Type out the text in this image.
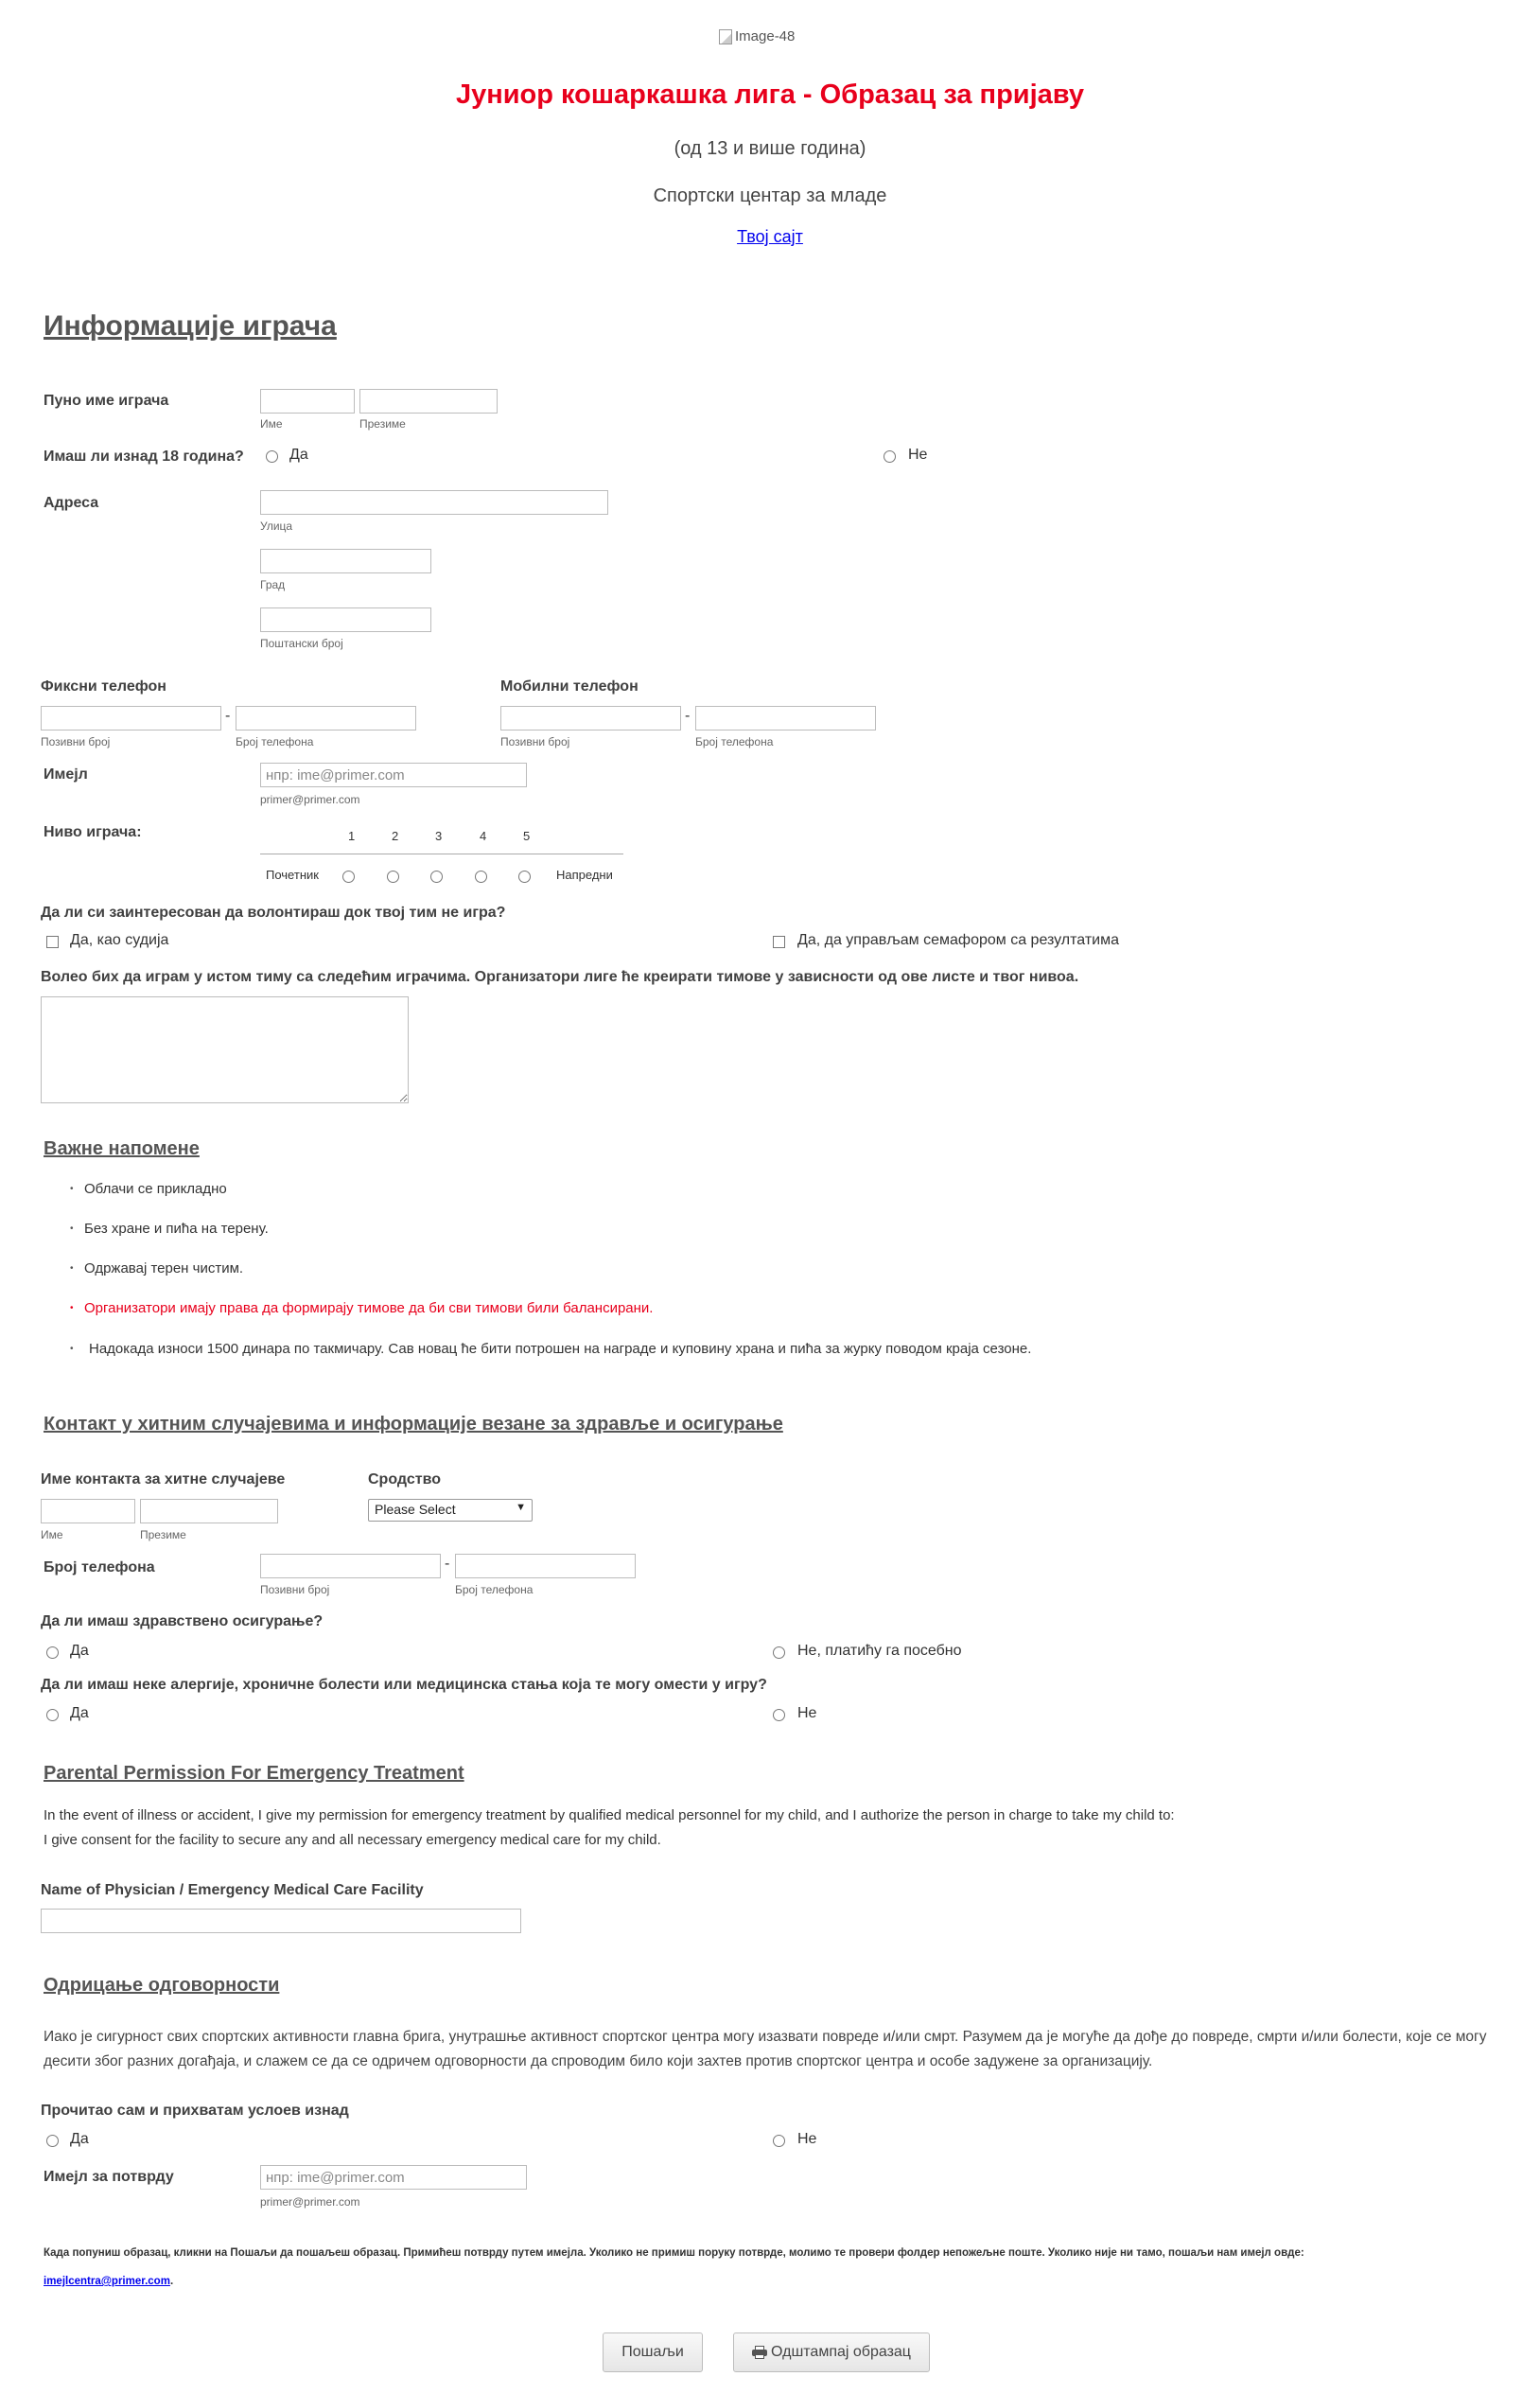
Image-48
Јуниор кошаркашка лига - Образац за пријаву
(од 13 и више година)
Спортски центар за младе
Твој сајт
Информације играча
Пуно име играча
Име	Презиме
Имаш ли изнад 18 година?	Да	Не
Адреса
Улица
Град
Поштански број
Фиксни телефон	Мобилни телефон
-
Позивни број	Број телефона
-
Позивни број	Број телефона
Имејл
нпр: ime@primer.com
primer@primer.com
Ниво играча:	1	2	3	4	5
Почетник	Напредни
Да ли си заинтересован да волонтираш док твој тим не игра?
Да, као судија	Да, да управљам семафором са резултатима
Волео бих да играм у истом тиму са следећим играчима. Организатори лиге ће креирати тимове у зависности од ове листе и твог нивоа.
Важне напомене
• Облачи се прикладно
• Без хране и пића на терену.
• Одржавај терен чистим.
• Организатори имају права да формирају тимове да би сви тимови били балансирани.
• Надокада износи 1500 динара по такмичару. Сав новац ће бити потрошен на награде и куповину храна и пића за журку поводом краја сезоне.
Контакт у хитним случајевима и информације везане за здравље и осигурање
Име контакта за хитне случајеве	Сродство
Име	Презиме
Please Select	▼
Број телефона	-
Позивни број	Број телефона
Да ли имаш здравствено осигурање?
Да	Не, платићу га посебно
Да ли имаш неке алергије, хроничне болести или медицинска стања која те могу омести у игру?
Да	Не
Parental Permission For Emergency Treatment
In the event of illness or accident, I give my permission for emergency treatment by qualified medical personnel for my child, and I authorize the person in charge to take my child to:
I give consent for the facility to secure any and all necessary emergency medical care for my child.
Name of Physician / Emergency Medical Care Facility
Одрицање одговорности
Иако је сигурност свих спортских активности главна брига, унутрашње активност спортског центра могу изазвати повреде и/или смрт. Разумем да је могуће да дође до повреде, смрти и/или болести, које се могу десити због разних догађаја, и слажем се да се одричем одговорности да спроводим било који захтев против спортског центра и особе задужене за организацију.
Прочитао сам и прихватам услоев изнад
Да	Не
Имејл за потврду
нпр: ime@primer.com
primer@primer.com
Када попуниш образац, кликни на Пошаљи да пошаљеш образац. Примићеш потврду путем имејла. Уколико не примиш поруку потврде, молимо те провери фолдер непожељне поште. Уколико није ни тамо, пошаљи нам имејл овде:
imejlcentra@primer.com.
Пошаљи	Одштампај образац
